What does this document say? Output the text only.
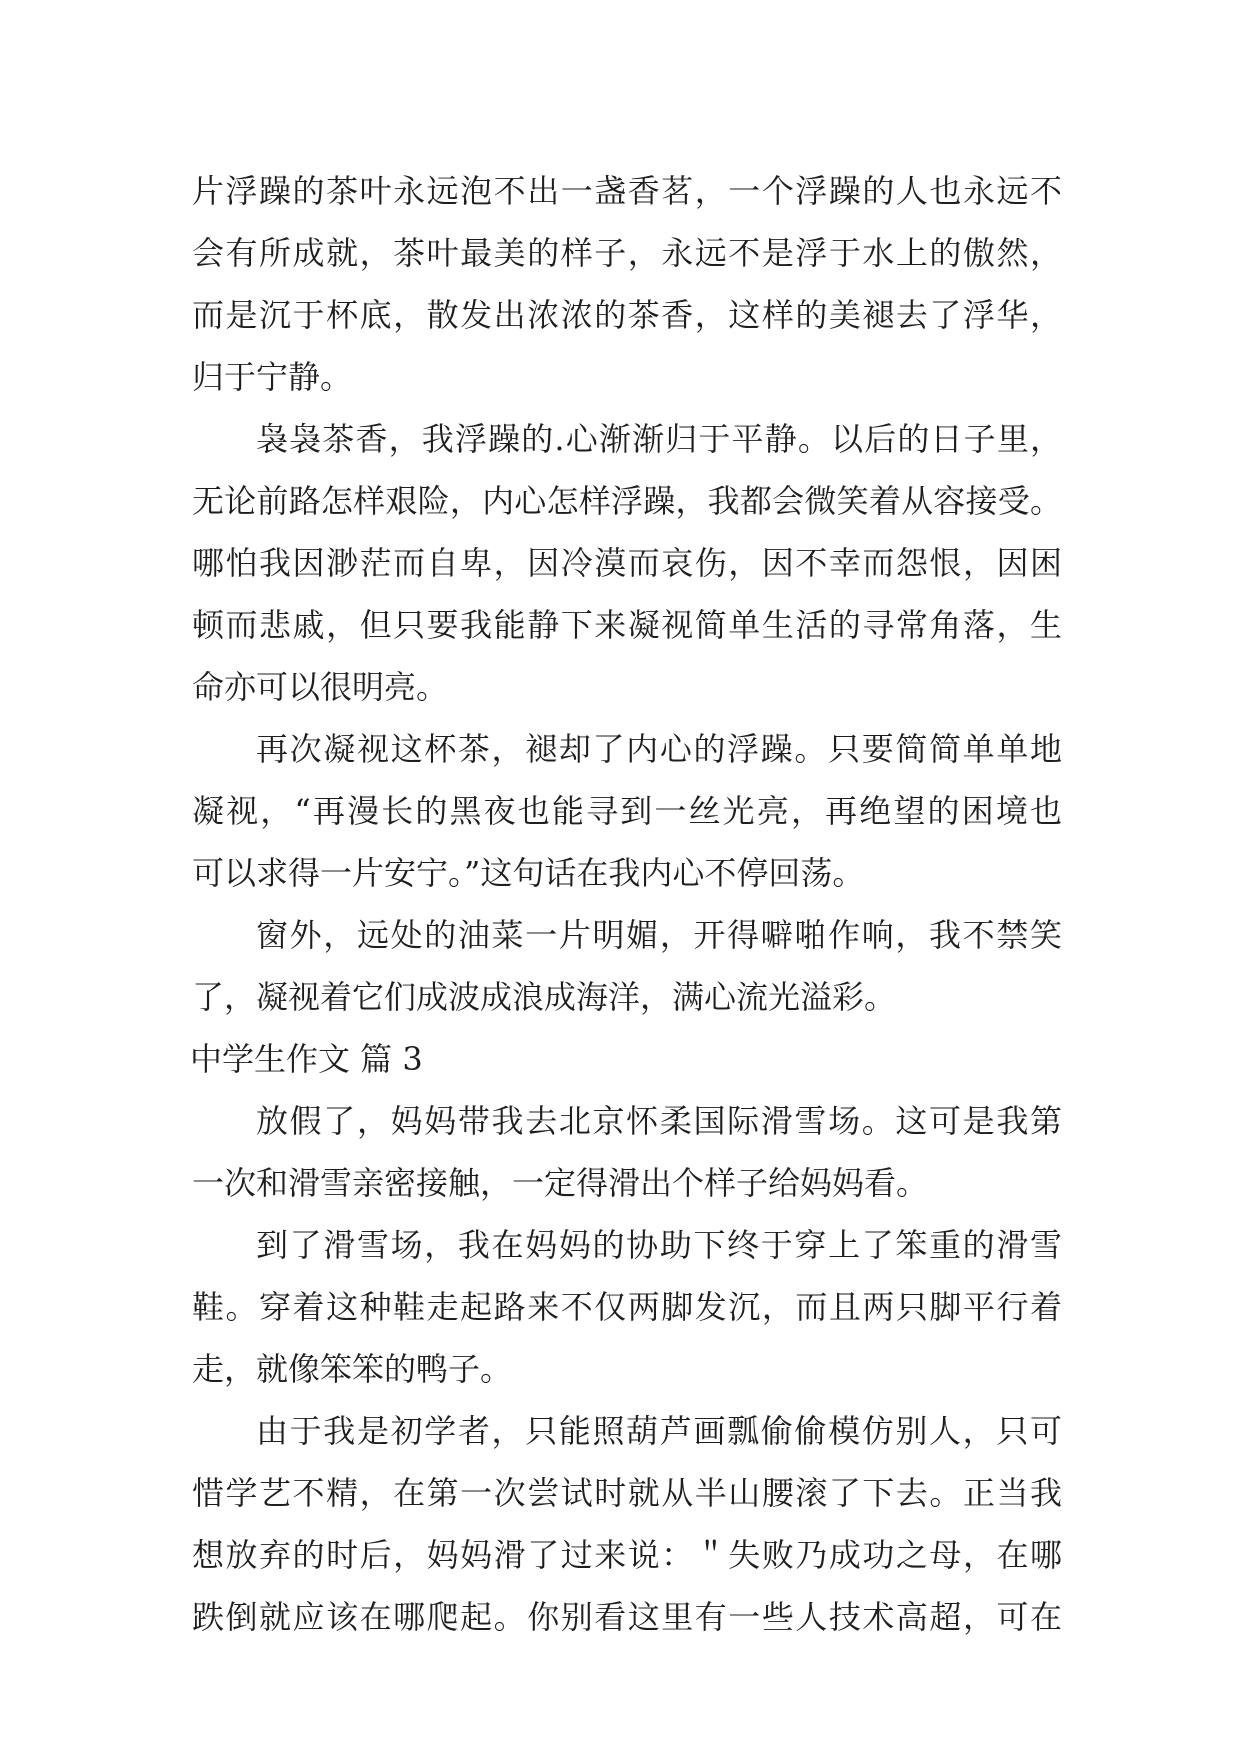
片浮躁的茶叶永远泡不出一盏香茗，一个浮躁的人也永远不
会有所成就，茶叶最美的样子，永远不是浮于水上的傲然，
而是沉于杯底，散发出浓浓的茶香，这样的美褪去了浮华，
归于宁静。
袅袅茶香，我浮躁的.心渐渐归于平静。以后的日子里，
无论前路怎样艰险，内心怎样浮躁，我都会微笑着从容接受。
哪怕我因渺茫而自卑，因冷漠而哀伤，因不幸而怨恨，因困
顿而悲戚，但只要我能静下来凝视简单生活的寻常角落，生
命亦可以很明亮。
再次凝视这杯茶，褪却了内心的浮躁。只要简简单单地
凝视，“再漫长的黑夜也能寻到一丝光亮，再绝望的困境也
可以求得一片安宁。”这句话在我内心不停回荡。
窗外，远处的油菜一片明媚，开得噼啪作响，我不禁笑
了，凝视着它们成波成浪成海洋，满心流光溢彩。
中学生作文 篇 3
放假了，妈妈带我去北京怀柔国际滑雪场。这可是我第
一次和滑雪亲密接触，一定得滑出个样子给妈妈看。
到了滑雪场，我在妈妈的协助下终于穿上了笨重的滑雪
鞋。穿着这种鞋走起路来不仅两脚发沉，而且两只脚平行着
走，就像笨笨的鸭子。
由于我是初学者，只能照葫芦画瓢偷偷模仿别人，只可
惜学艺不精，在第一次尝试时就从半山腰滚了下去。正当我
想放弃的时后，妈妈滑了过来说：＂失败乃成功之母，在哪
跌倒就应该在哪爬起。你别看这里有一些人技术高超，可在
